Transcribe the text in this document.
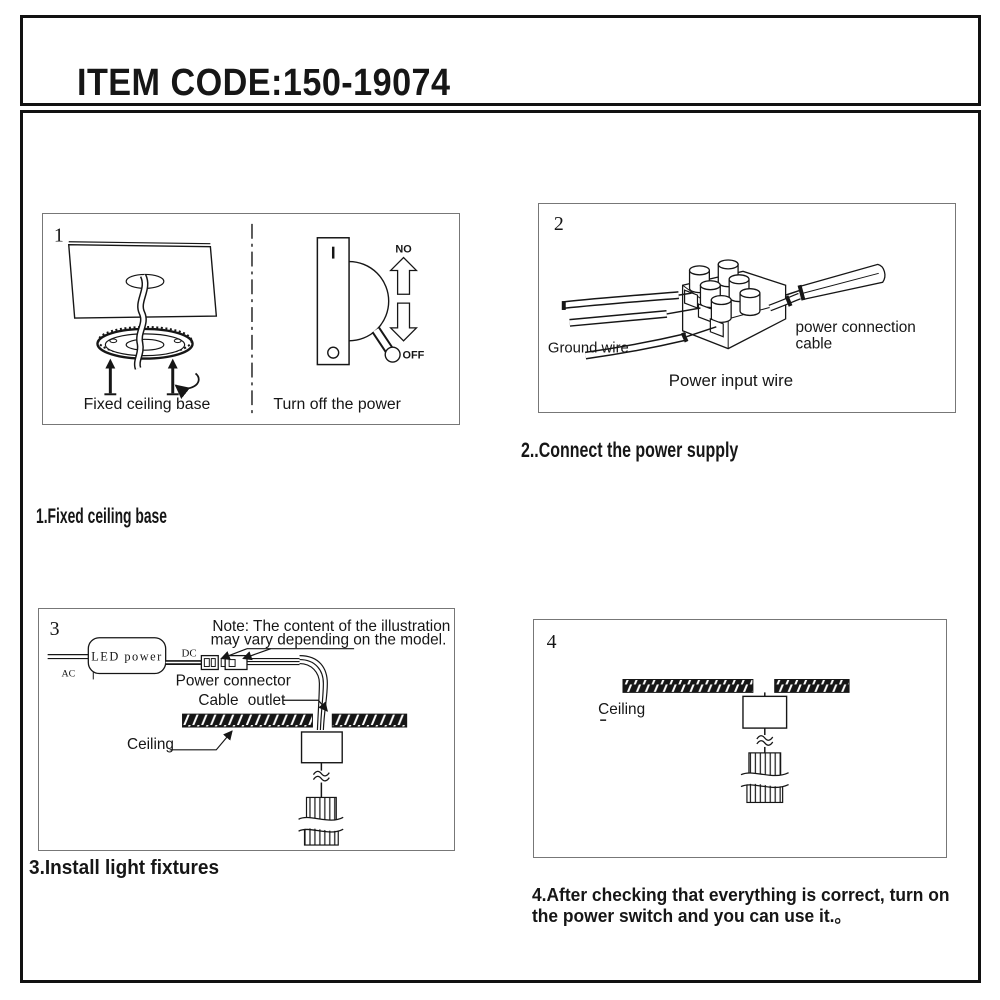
ITEM CODE:150-19074
1
NO
OFF
Fixed ceiling base	Turn off the power
2
Ground wire
power connection
cable
Power input wire
3
LED power
AC
DC
Note: The content of the illustration
may vary depending on the model.
Power connector
Cable outlet
Ceiling
4
Ceiling
1.Fixed ceiling base
2..Connect the power supply
3.Install light fixtures
4.After checking that everything is correct, turn on the power switch and you can use it.。
